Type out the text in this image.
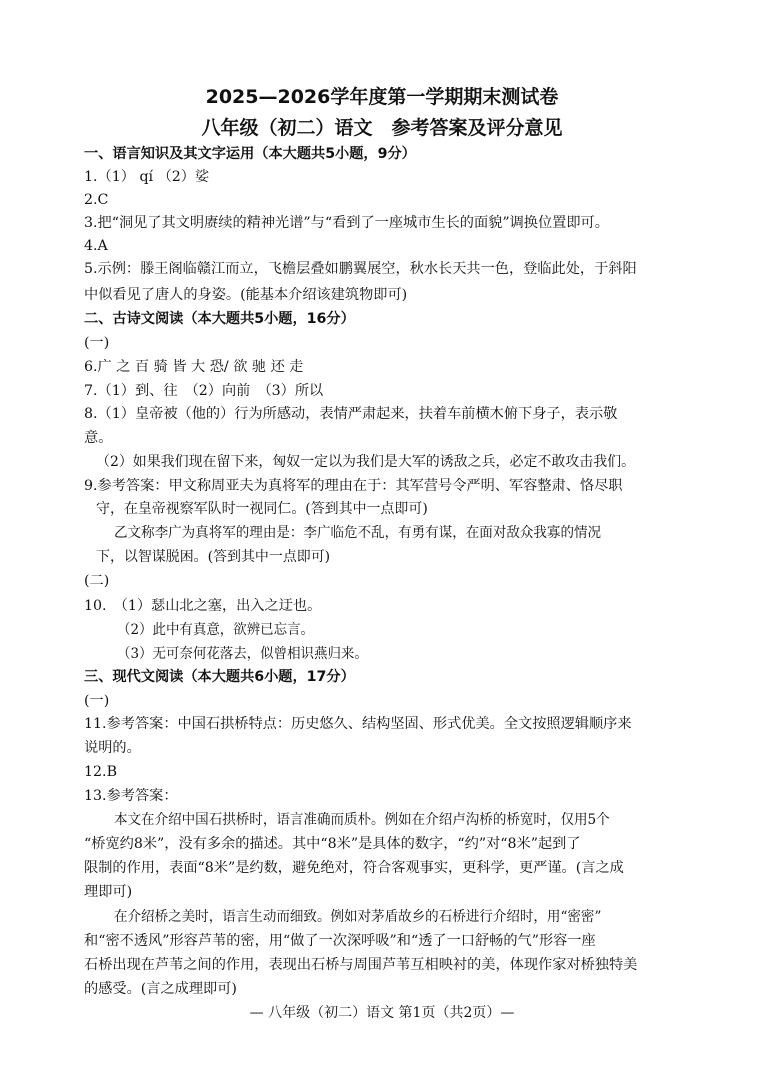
2025—2026学年度第一学期期末测试卷
八年级（初二）语文　参考答案及评分意见
一、语言知识及其文字运用（本大题共5小题，9分）
1.（1） qí （2）娑
2.C
3.把“洞见了其文明赓续的精神光谱”与“看到了一座城市生长的面貌”调换位置即可。
4.A
5.示例：滕王阁临赣江而立，飞檐层叠如鹏翼展空，秋水长天共一色，登临此处，于斜阳
中似看见了唐人的身姿。(能基本介绍该建筑物即可)
二、古诗文阅读（本大题共5小题，16分）
(一)
6.广 之 百 骑 皆 大 恐/ 欲 驰 还 走
7.（1）到、往　（2）向前　（3）所以
8.（1）皇帝被（他的）行为所感动，表情严肃起来，扶着车前横木俯下身子，表示敬
意。
（2）如果我们现在留下来，匈奴一定以为我们是大军的诱敌之兵，必定不敢攻击我们。
9.参考答案：甲文称周亚夫为真将军的理由在于：其军营号令严明、军容整肃、恪尽职
守，在皇帝视察军队时一视同仁。(答到其中一点即可)
乙文称李广为真将军的理由是：李广临危不乱，有勇有谋，在面对敌众我寡的情况
下，以智谋脱困。(答到其中一点即可)
(二)
10.　（1）瑟山北之塞，出入之迂也。
（2）此中有真意，欲辨已忘言。
（3）无可奈何花落去，似曾相识燕归来。
三、现代文阅读（本大题共6小题，17分）
(一)
11.参考答案：中国石拱桥特点：历史悠久、结构坚固、形式优美。全文按照逻辑顺序来
说明的。
12.B
13.参考答案：
本文在介绍中国石拱桥时，语言准确而质朴。例如在介绍卢沟桥的桥宽时，仅用5个
“桥宽约8米”，没有多余的描述。其中“8米”是具体的数字，“约”对“8米”起到了
限制的作用，表面“8米”是约数，避免绝对，符合客观事实，更科学，更严谨。(言之成
理即可)
在介绍桥之美时，语言生动而细致。例如对茅盾故乡的石桥进行介绍时，用“密密”
和“密不透风”形容芦苇的密，用“做了一次深呼吸”和“透了一口舒畅的气”形容一座
石桥出现在芦苇之间的作用，表现出石桥与周围芦苇互相映衬的美，体现作家对桥独特美
的感受。(言之成理即可)
— 八年级（初二）语文 第1页（共2页）—
